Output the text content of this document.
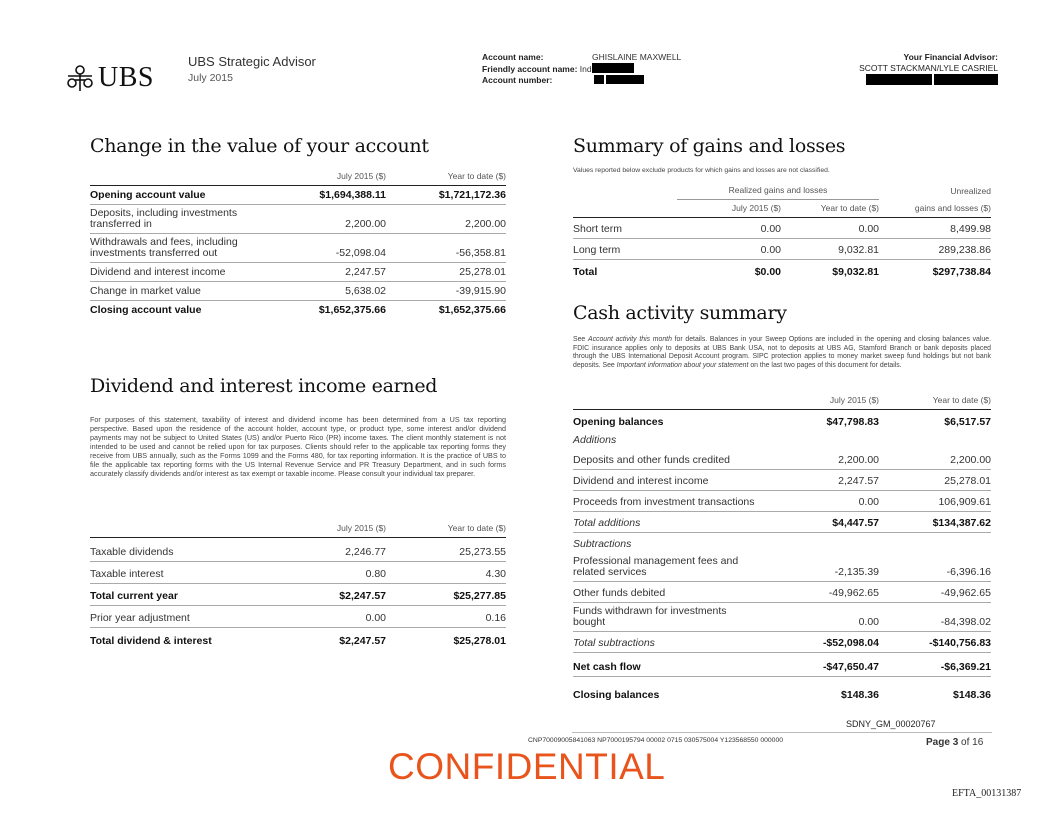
UBS
UBS Strategic Advisor
July 2015
Account name:	GHISLAINE MAXWELL
Friendly account name: Ind
Account number:
Your Financial Advisor:
SCOTT STACKMAN/LYLE CASRIEL

Change in the value of your account
	July 2015 ($)	Year to date ($)
Opening account value	$1,694,388.11	$1,721,172.36
Deposits, including investments transferred in	2,200.00	2,200.00
Withdrawals and fees, including investments transferred out	-52,098.04	-56,358.81
Dividend and interest income	2,247.57	25,278.01
Change in market value	5,638.02	-39,915.90
Closing account value	$1,652,375.66	$1,652,375.66
Dividend and interest income earned
For purposes of this statement, taxability of interest and dividend income has been determined from a US tax reporting perspective. Based upon the residence of the account holder, account type, or product type, some interest and/or dividend payments may not be subject to United States (US) and/or Puerto Rico (PR) income taxes. The client monthly statement is not intended to be used and cannot be relied upon for tax purposes. Clients should refer to the applicable tax reporting forms they receive from UBS annually, such as the Forms 1099 and the Forms 480, for tax reporting information. It is the practice of UBS to file the applicable tax reporting forms with the US Internal Revenue Service and PR Treasury Department, and in such forms accurately classify dividends and/or interest as tax exempt or taxable income. Please consult your individual tax preparer.
	July 2015 ($)	Year to date ($)
Taxable dividends	2,246.77	25,273.55
Taxable interest	0.80	4.30
Total current year	$2,247.57	$25,277.85
Prior year adjustment	0.00	0.16
Total dividend & interest	$2,247.57	$25,278.01
Summary of gains and losses
Values reported below exclude products for which gains and losses are not classified.
	Realized gains and losses		Unrealized
	July 2015 ($)	Year to date ($)	gains and losses ($)
Short term	0.00	0.00	8,499.98
Long term	0.00	9,032.81	289,238.86
Total	$0.00	$9,032.81	$297,738.84
Cash activity summary
See Account activity this month for details. Balances in your Sweep Options are included in the opening and closing balances value. FDIC insurance applies only to deposits at UBS Bank USA, not to deposits at UBS AG, Stamford Branch or bank deposits placed through the UBS International Deposit Account program. SIPC protection applies to money market sweep fund holdings but not bank deposits. See Important information about your statement on the last two pages of this document for details.
	July 2015 ($)	Year to date ($)
Opening balances	$47,798.83	$6,517.57
Additions		
Deposits and other funds credited	2,200.00	2,200.00
Dividend and interest income	2,247.57	25,278.01
Proceeds from investment transactions	0.00	106,909.61
Total additions	$4,447.57	$134,387.62
Subtractions		
Professional management fees and related services	-2,135.39	-6,396.16
Other funds debited	-49,962.65	-49,962.65
Funds withdrawn for investments bought	0.00	-84,398.02
Total subtractions	-$52,098.04	-$140,756.83
Net cash flow	-$47,650.47	-$6,369.21
Closing balances	$148.36	$148.36
SDNY_GM_00020767
CNP70009005841063 NP7000195794 00002 0715 030575004 Y123568550 000000	Page 3 of 16
CONFIDENTIAL
EFTA_00131387
